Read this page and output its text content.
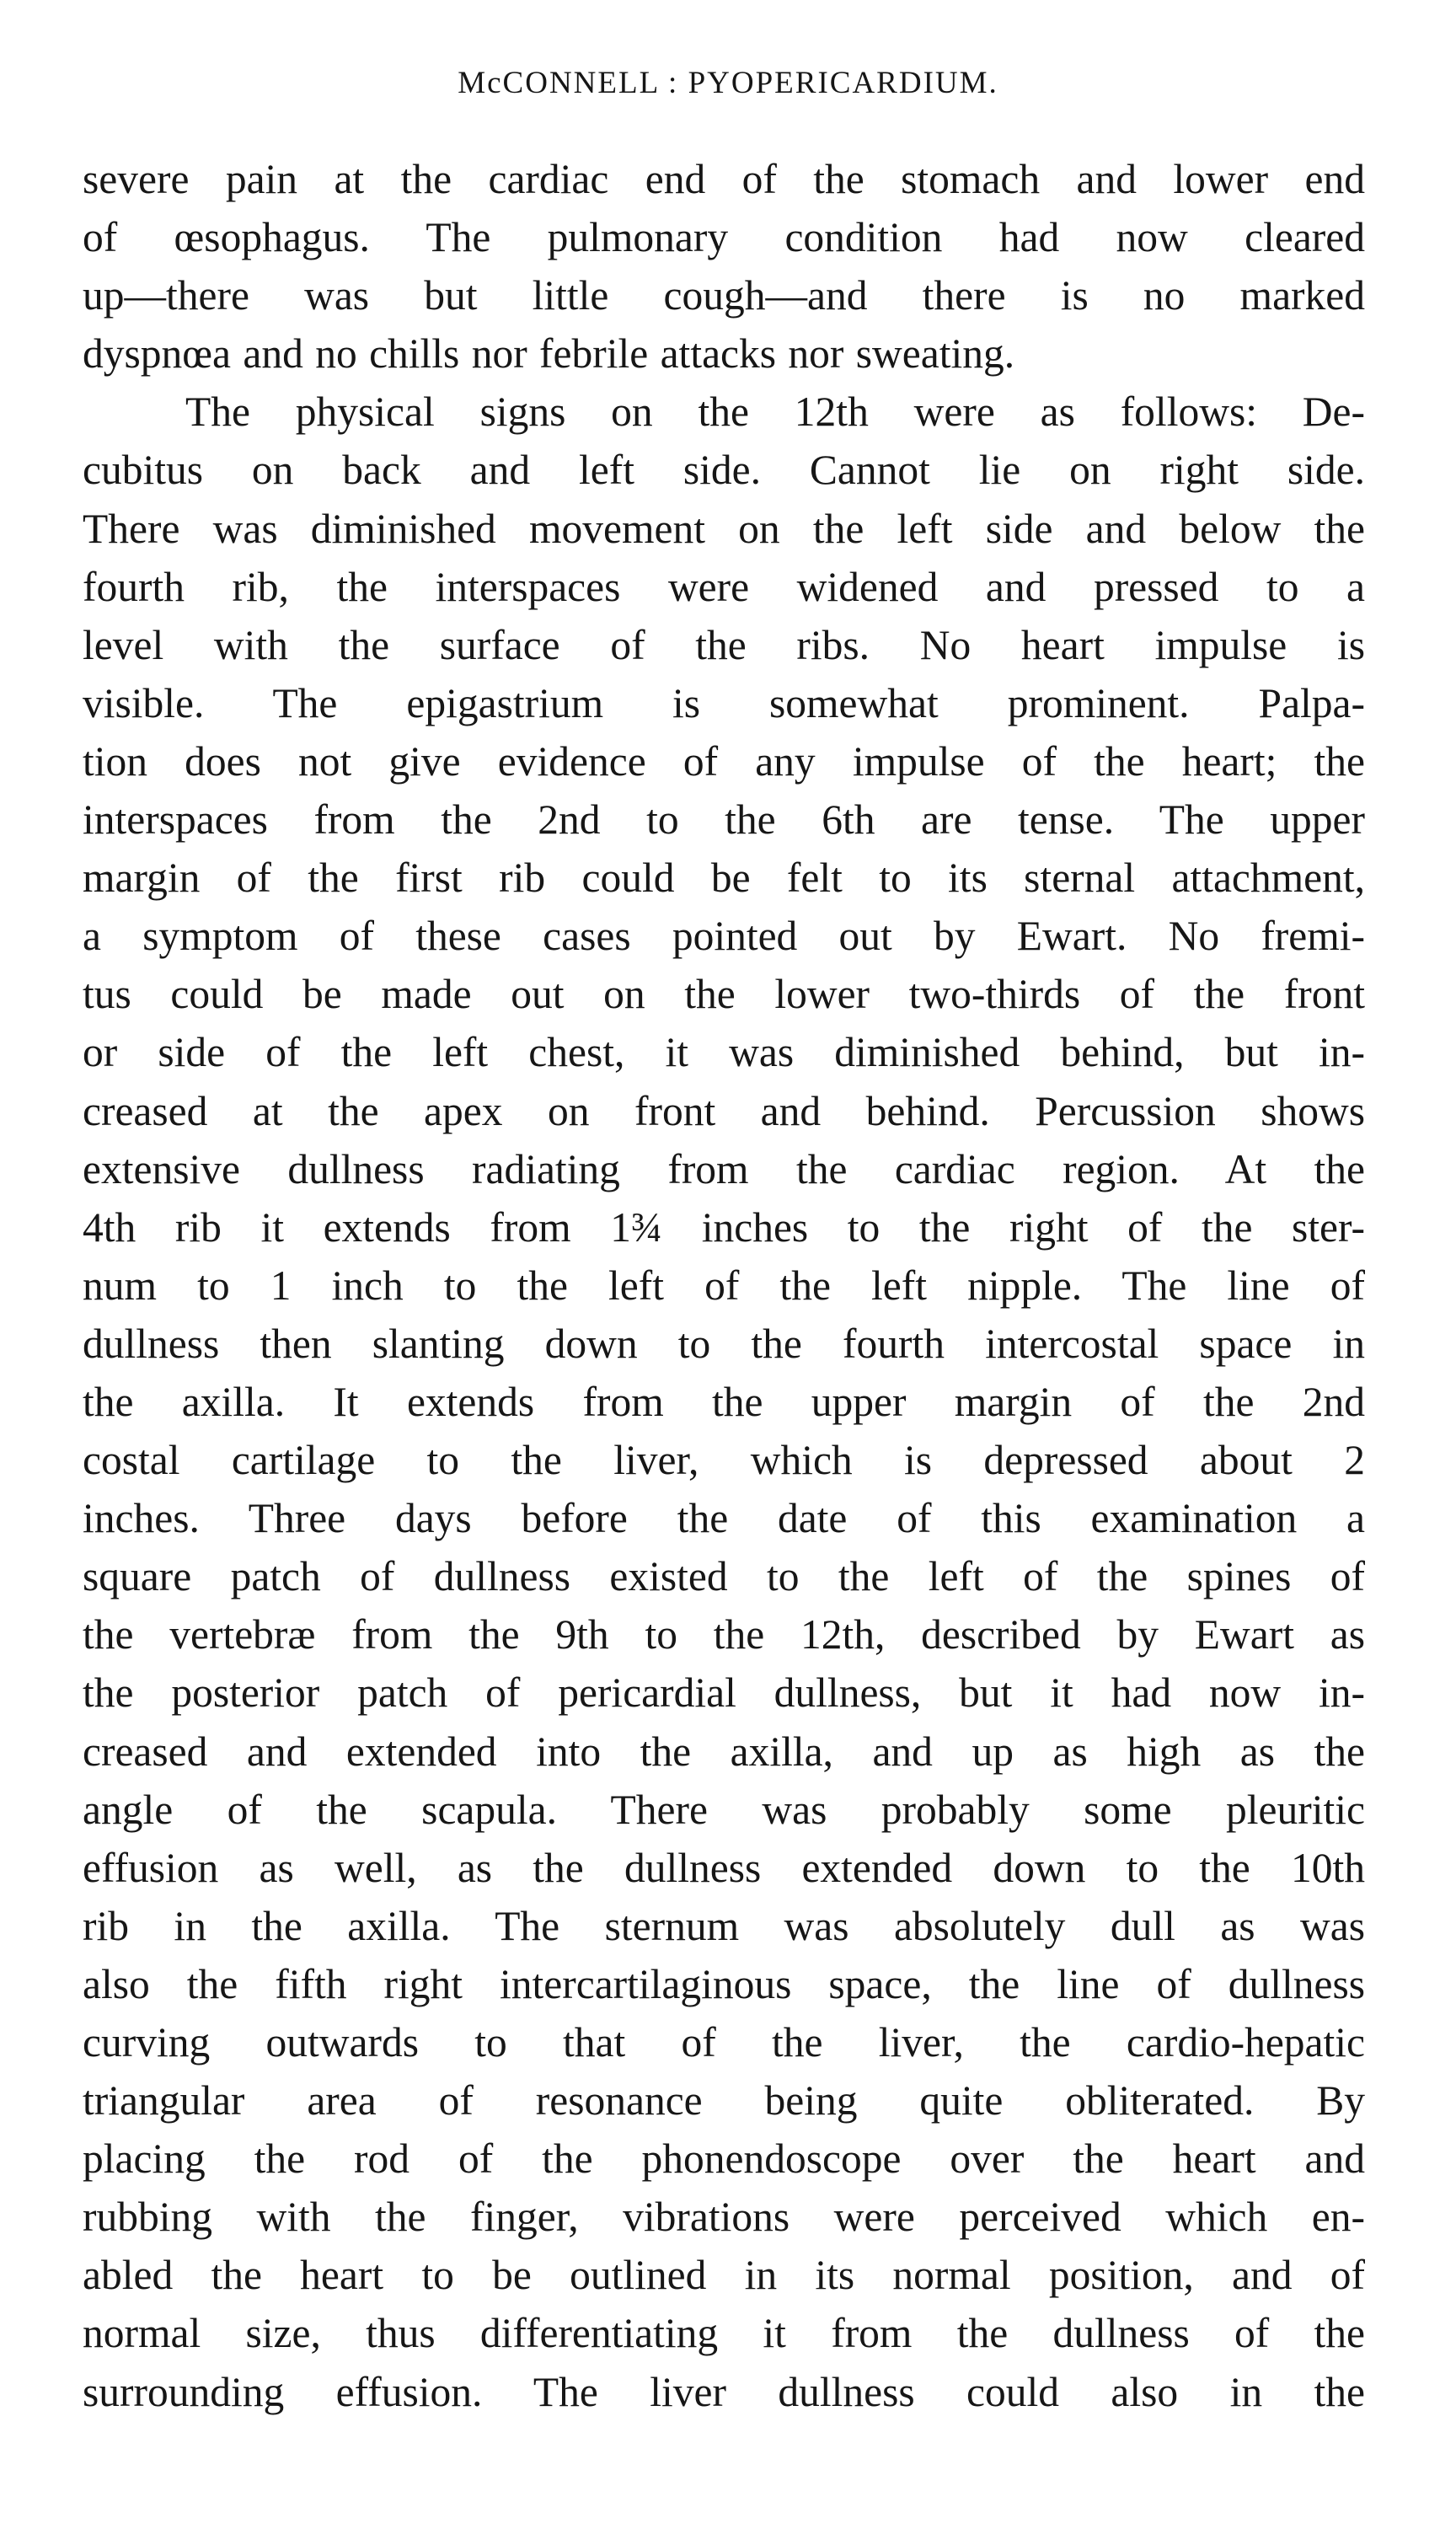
McCONNELL : PYOPERICARDIUM.
severe pain at the cardiac end of the stomach and lower end
of œsophagus. The pulmonary condition had now cleared
up—there was but little cough—and there is no marked
dyspnœa and no chills nor febrile attacks nor sweating.
The physical signs on the 12th were as follows: De-
cubitus on back and left side. Cannot lie on right side.
There was diminished movement on the left side and below the
fourth rib, the interspaces were widened and pressed to a
level with the surface of the ribs. No heart impulse is
visible. The epigastrium is somewhat prominent. Palpa-
tion does not give evidence of any impulse of the heart; the
interspaces from the 2nd to the 6th are tense. The upper
margin of the first rib could be felt to its sternal attachment,
a symptom of these cases pointed out by Ewart. No fremi-
tus could be made out on the lower two-thirds of the front
or side of the left chest, it was diminished behind, but in-
creased at the apex on front and behind. Percussion shows
extensive dullness radiating from the cardiac region. At the
4th rib it extends from 1¾ inches to the right of the ster-
num to 1 inch to the left of the left nipple. The line of
dullness then slanting down to the fourth intercostal space in
the axilla. It extends from the upper margin of the 2nd
costal cartilage to the liver, which is depressed about 2
inches. Three days before the date of this examination a
square patch of dullness existed to the left of the spines of
the vertebræ from the 9th to the 12th, described by Ewart as
the posterior patch of pericardial dullness, but it had now in-
creased and extended into the axilla, and up as high as the
angle of the scapula. There was probably some pleuritic
effusion as well, as the dullness extended down to the 10th
rib in the axilla. The sternum was absolutely dull as was
also the fifth right intercartilaginous space, the line of dullness
curving outwards to that of the liver, the cardio-hepatic
triangular area of resonance being quite obliterated. By
placing the rod of the phonendoscope over the heart and
rubbing with the finger, vibrations were perceived which en-
abled the heart to be outlined in its normal position, and of
normal size, thus differentiating it from the dullness of the
surrounding effusion. The liver dullness could also in the
